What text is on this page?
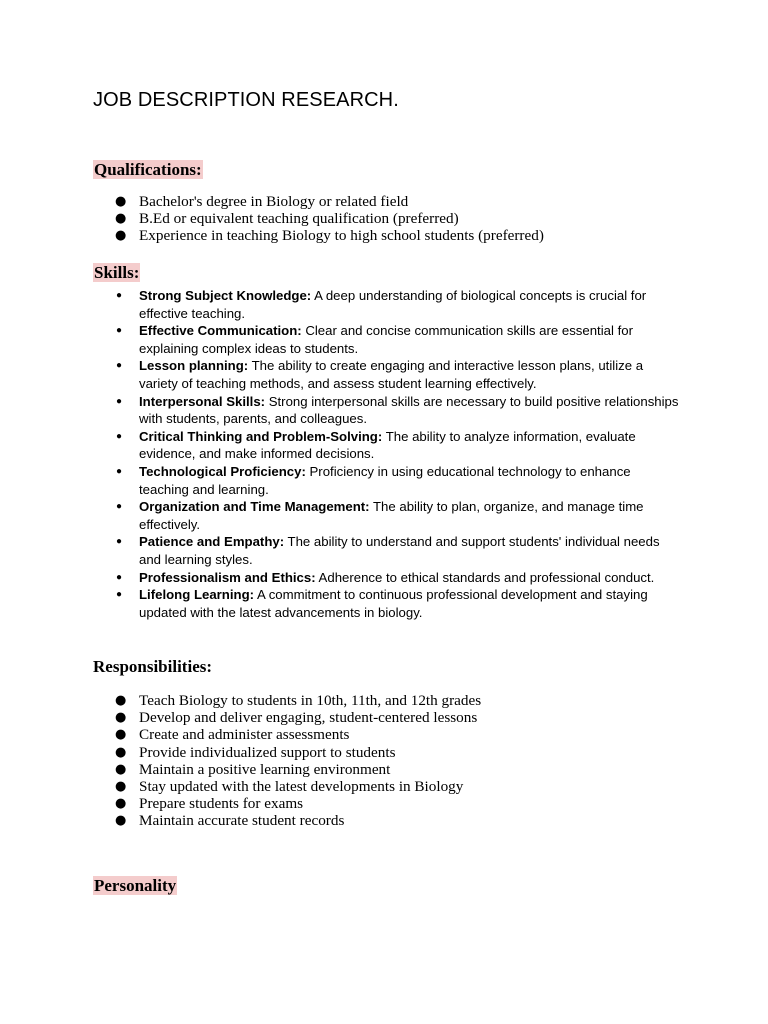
JOB DESCRIPTION RESEARCH.
Qualifications:
● Bachelor's degree in Biology or related field
● B.Ed or equivalent teaching qualification (preferred)
● Experience in teaching Biology to high school students (preferred)
Skills:
● Strong Subject Knowledge: A deep understanding of biological concepts is crucial for effective teaching.
● Effective Communication: Clear and concise communication skills are essential for explaining complex ideas to students.
● Lesson planning: The ability to create engaging and interactive lesson plans, utilize a variety of teaching methods, and assess student learning effectively.
● Interpersonal Skills: Strong interpersonal skills are necessary to build positive relationships with students, parents, and colleagues.
● Critical Thinking and Problem-Solving: The ability to analyze information, evaluate evidence, and make informed decisions.
● Technological Proficiency: Proficiency in using educational technology to enhance teaching and learning.
● Organization and Time Management: The ability to plan, organize, and manage time effectively.
● Patience and Empathy: The ability to understand and support students' individual needs and learning styles.
● Professionalism and Ethics: Adherence to ethical standards and professional conduct.
● Lifelong Learning: A commitment to continuous professional development and staying updated with the latest advancements in biology.
Responsibilities:
● Teach Biology to students in 10th, 11th, and 12th grades
● Develop and deliver engaging, student-centered lessons
● Create and administer assessments
● Provide individualized support to students
● Maintain a positive learning environment
● Stay updated with the latest developments in Biology
● Prepare students for exams
● Maintain accurate student records
Personality
